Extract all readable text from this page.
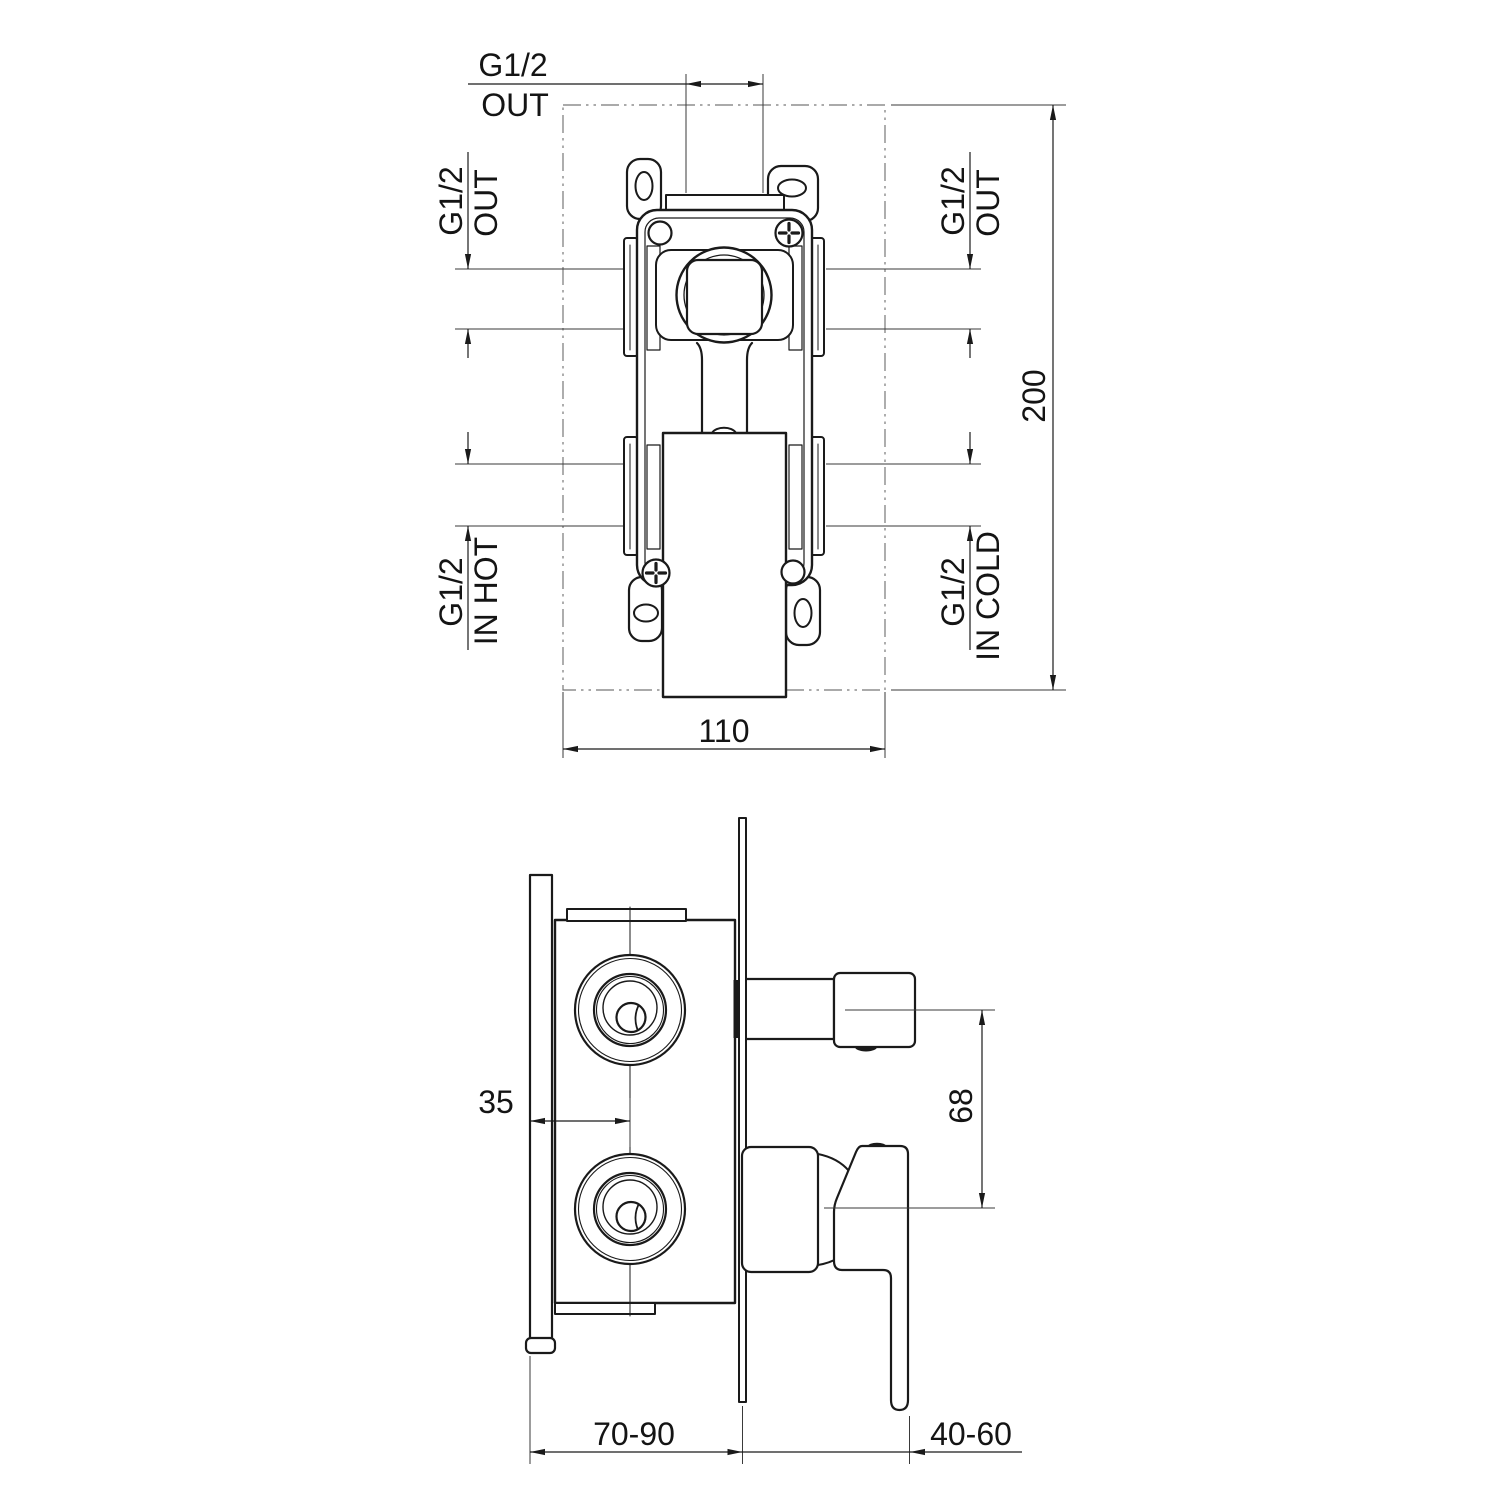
G1/2
OUT
G1/2 OUT	G1/2 OUT
G1/2 IN HOT	G1/2 IN COLD
200
110
35	68
70-90	40-60
